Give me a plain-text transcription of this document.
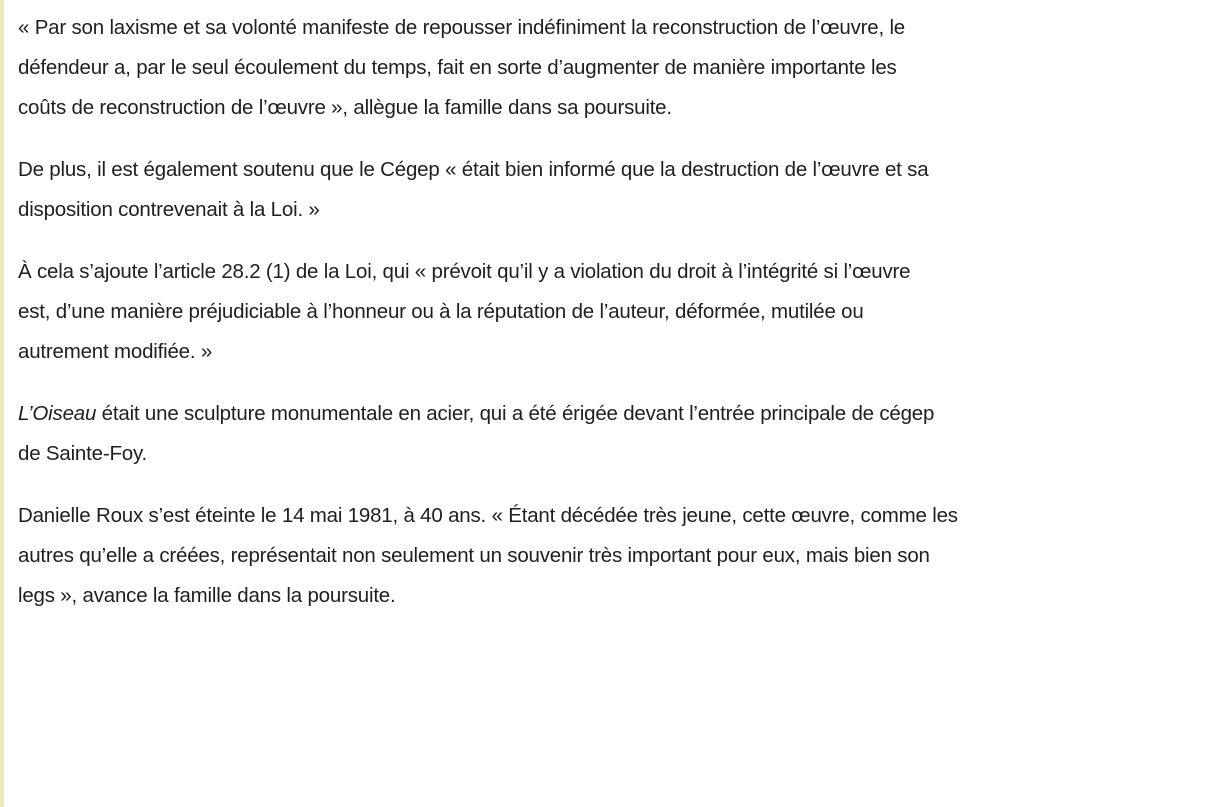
« Par son laxisme et sa volonté manifeste de repousser indéfiniment la reconstruction de l’œuvre, le
défendeur a, par le seul écoulement du temps, fait en sorte d’augmenter de manière importante les
coûts de reconstruction de l’œuvre », allègue la famille dans sa poursuite.

De plus, il est également soutenu que le Cégep « était bien informé que la destruction de l’œuvre et sa
disposition contrevenait à la Loi. »

À cela s’ajoute l’article 28.2 (1) de la Loi, qui « prévoit qu’il y a violation du droit à l’intégrité si l’œuvre
est, d’une manière préjudiciable à l’honneur ou à la réputation de l’auteur, déformée, mutilée ou
autrement modifiée. »

L’Oiseau était une sculpture monumentale en acier, qui a été érigée devant l’entrée principale de cégep
de Sainte-Foy.

Danielle Roux s’est éteinte le 14 mai 1981, à 40 ans. « Étant décédée très jeune, cette œuvre, comme les
autres qu’elle a créées, représentait non seulement un souvenir très important pour eux, mais bien son
legs », avance la famille dans la poursuite.
